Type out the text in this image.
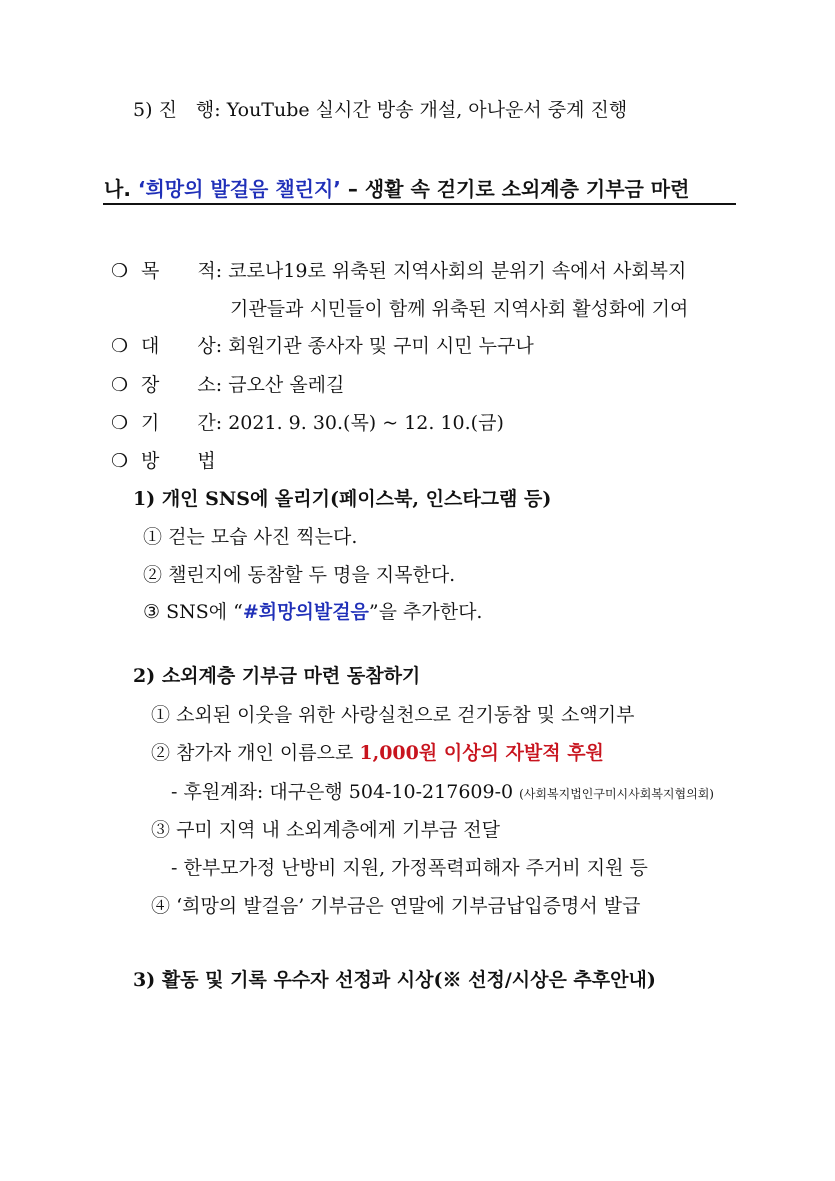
5) 진　행: YouTube 실시간 방송 개설, 아나운서 중계 진행
나. ‘희망의 발걸음 챌린지’ – 생활 속 걷기로 소외계층 기부금 마련
❍ 목　　적: 코로나19로 위축된 지역사회의 분위기 속에서 사회복지
기관들과 시민들이 함께 위축된 지역사회 활성화에 기여
❍ 대　　상: 회원기관 종사자 및 구미 시민 누구나
❍ 장　　소: 금오산 올레길
❍ 기　　간: 2021. 9. 30.(목) ~ 12. 10.(금)
❍ 방　　법
1) 개인 SNS에 올리기(페이스북, 인스타그램 등)
① 걷는 모습 사진 찍는다.
② 챌린지에 동참할 두 명을 지목한다.
③ SNS에 “#희망의발걸음”을 추가한다.
2) 소외계층 기부금 마련 동참하기
① 소외된 이웃을 위한 사랑실천으로 걷기동참 및 소액기부
② 참가자 개인 이름으로 1,000원 이상의 자발적 후원
- 후원계좌: 대구은행 504-10-217609-0 (사회복지법인구미시사회복지협의회)
③ 구미 지역 내 소외계층에게 기부금 전달
- 한부모가정 난방비 지원, 가정폭력피해자 주거비 지원 등
④ ‘희망의 발걸음’ 기부금은 연말에 기부금납입증명서 발급
3) 활동 및 기록 우수자 선정과 시상(※ 선정/시상은 추후안내)
